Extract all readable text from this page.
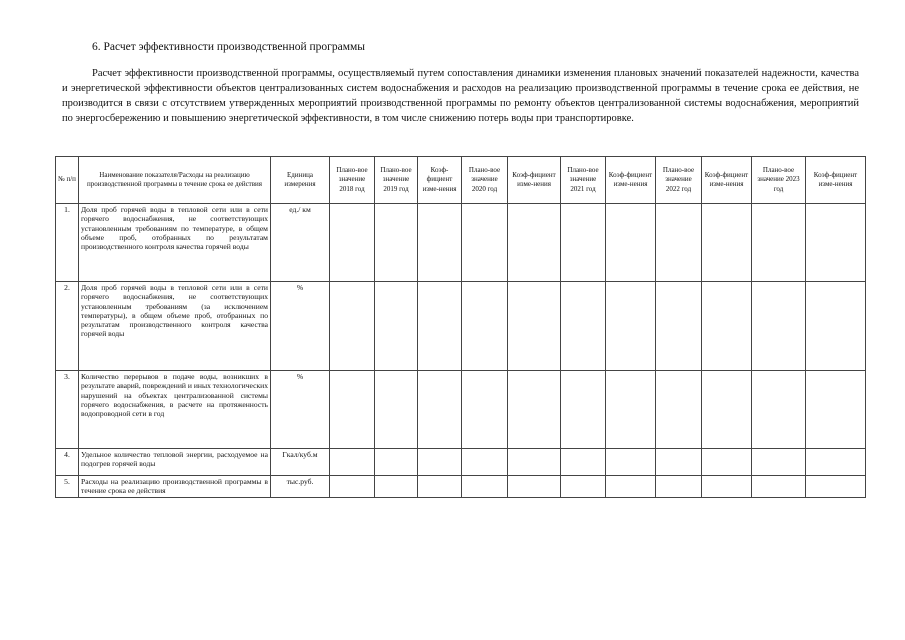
6. Расчет эффективности производственной программы

Расчет эффективности производственной программы, осуществляемый путем сопоставления динамики изменения плановых значений показателей надежности, качества и энергетической эффективности объектов централизованных систем водоснабжения и расходов на реализацию производственной программы в течение срока ее действия, не производится в связи с отсутствием утвержденных мероприятий производственной программы по ремонту объектов централизованной системы водоснабжения, мероприятий по энергосбережению и повышению энергетической эффективности, в том числе снижению потерь воды при транспортировке.

№ п/п	Наименование показателя/Расходы на реализацию производственной программы в течение срока ее действия	Единица измерения	Плано-вое значение 2018 год	Плано-вое значение 2019 год	Коэф-фициент изме-нения	Плано-вое значение 2020 год	Коэф-фициент изме-нения	Плано-вое значение 2021 год	Коэф-фициент изме-нения	Плано-вое значение 2022 год	Коэф-фициент изме-нения	Плано-вое значение 2023 год	Коэф-фициент изме-нения
1.	Доля проб горячей воды в тепловой сети или в сети горячего водоснабжения, не соответствующих установленным требованиям по температуре, в общем объеме проб, отобранных по результатам производственного контроля качества горячей воды	ед./ км											
2.	Доля проб горячей воды в тепловой сети или в сети горячего водоснабжения, не соответствующих установленным требованиям (за исключением температуры), в общем объеме проб, отобранных по результатам производственного контроля качества горячей воды	%											
3.	Количество перерывов в подаче воды, возникших в результате аварий, повреждений и иных технологических нарушений на объектах централизованной системы горячего водоснабжения, в расчете на протяженность водопроводной сети в год	%											
4.	Удельное количество тепловой энергии, расходуемое на подогрев горячей воды	Гкал/куб.м											
5.	Расходы на реализацию производственной программы в течение срока ее действия	тыс.руб.											
